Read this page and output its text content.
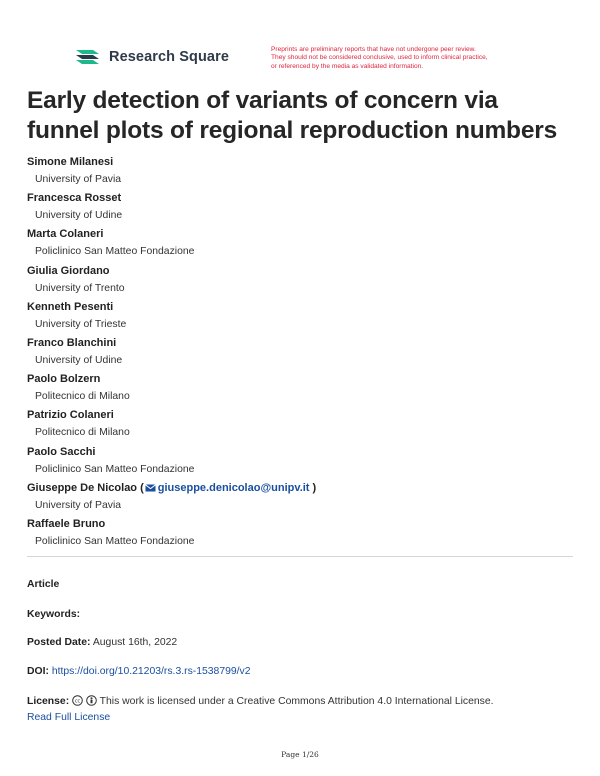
Research Square	Preprints are preliminary reports that have not undergone peer review.
They should not be considered conclusive, used to inform clinical practice,
or referenced by the media as validated information.
Early detection of variants of concern via funnel plots of regional reproduction numbers
Simone Milanesi
University of Pavia
Francesca Rosset
University of Udine
Marta Colaneri
Policlinico San Matteo Fondazione
Giulia Giordano
University of Trento
Kenneth Pesenti
University of Trieste
Franco Blanchini
University of Udine
Paolo Bolzern
Politecnico di Milano
Patrizio Colaneri
Politecnico di Milano
Paolo Sacchi
Policlinico San Matteo Fondazione
Giuseppe De Nicolao ( giuseppe.denicolao@unipv.it )
University of Pavia
Raffaele Bruno
Policlinico San Matteo Fondazione
Article
Keywords:
Posted Date: August 16th, 2022
DOI: https://doi.org/10.21203/rs.3.rs-1538799/v2
License: cc This work is licensed under a Creative Commons Attribution 4.0 International License.
Read Full License
Page 1/26
